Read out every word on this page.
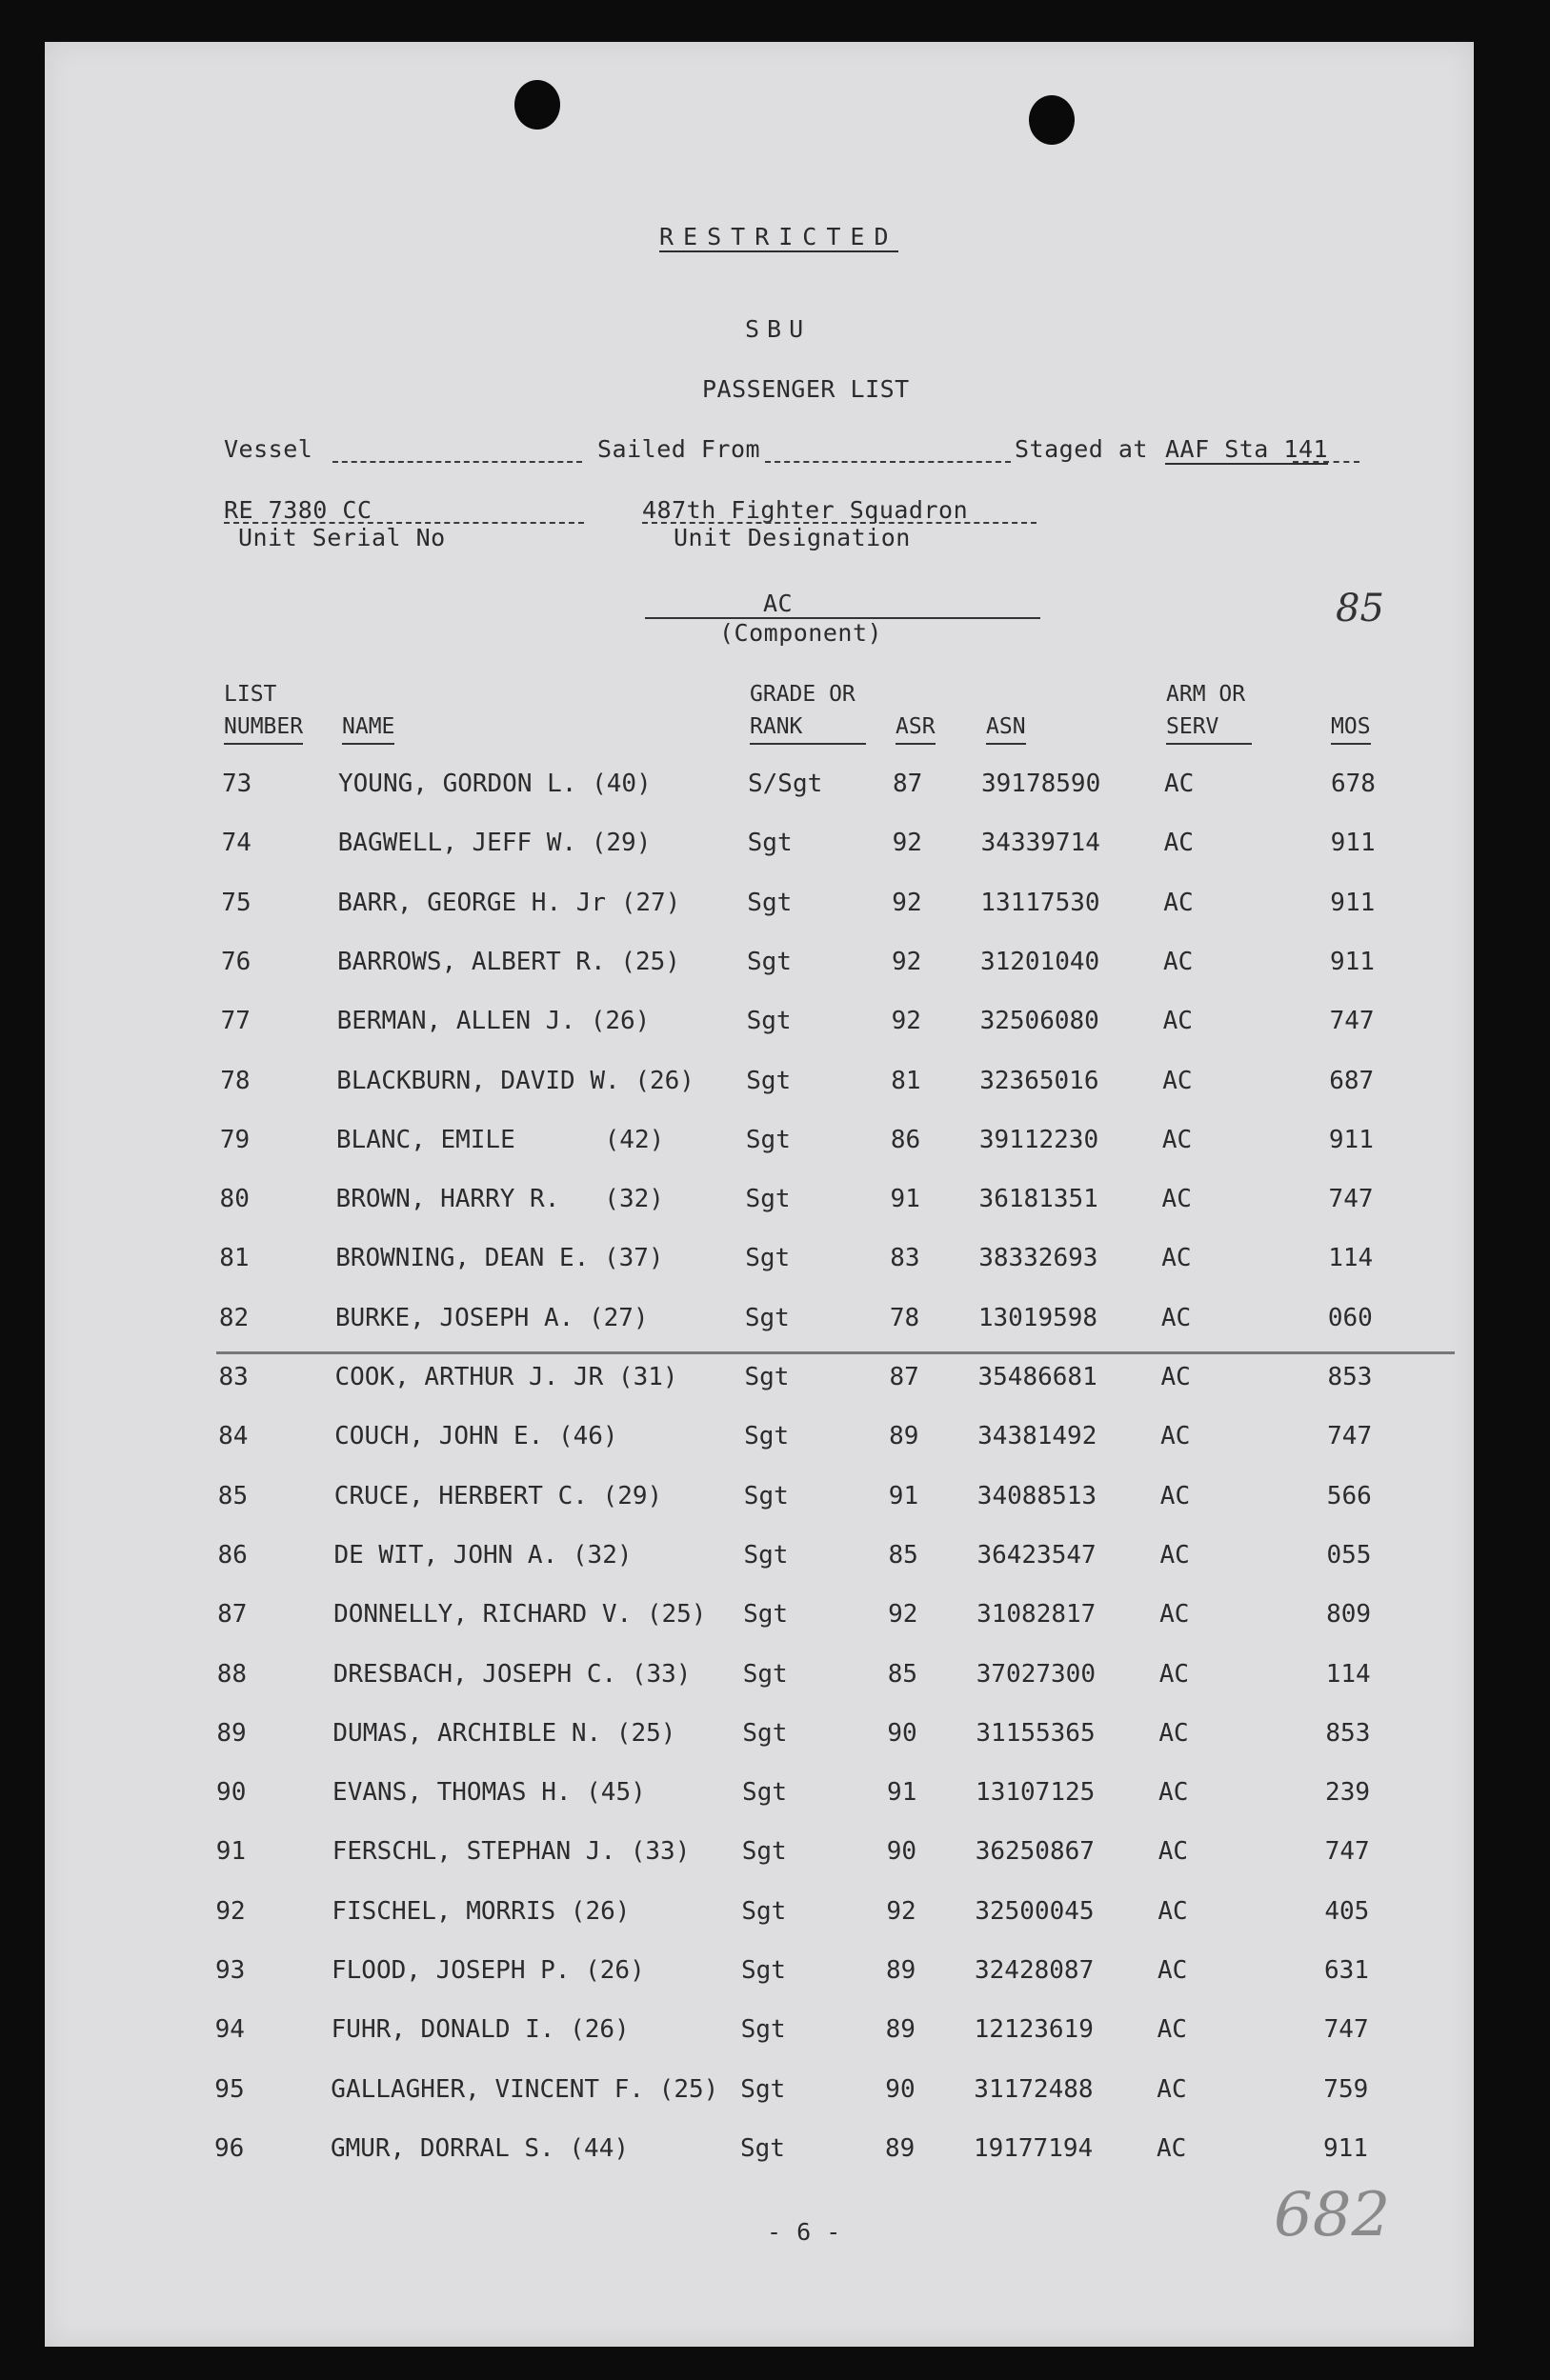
RESTRICTED
SBU
PASSENGER LIST
Vessel	Sailed From	Staged at AAF Sta 141
RE 7380 CC
Unit Serial No
487th Fighter Squadron
Unit Designation
AC
(Component)
85
LIST
NUMBER NAME
GRADE OR
RANK	ASR ASN
ARM OR
SERV	MOS
73	YOUNG, GORDON L. (40)	S/Sgt	87 39178590	AC	678
74	BAGWELL, JEFF W. (29)	Sgt	92 34339714	AC	911
75	BARR, GEORGE H. Jr (27)	Sgt	92 13117530	AC	911
76	BARROWS, ALBERT R. (25)	Sgt	92 31201040	AC	911
77	BERMAN, ALLEN J. (26)	Sgt	92 32506080	AC	747
78	BLACKBURN, DAVID W. (26) Sgt	81 32365016	AC	687
79	BLANC, EMILE      (42)	Sgt	86 39112230	AC	911
80	BROWN, HARRY R.   (32)	Sgt	91 36181351	AC	747
81	BROWNING, DEAN E. (37)	Sgt	83 38332693	AC	114
82	BURKE, JOSEPH A. (27)	Sgt	78 13019598	AC	060
83	COOK, ARTHUR J. JR (31)	Sgt	87 35486681	AC	853
84	COUCH, JOHN E. (46)	Sgt	89 34381492	AC	747
85	CRUCE, HERBERT C. (29)	Sgt	91 34088513	AC	566
86	DE WIT, JOHN A. (32)	Sgt	85 36423547	AC	055
87	DONNELLY, RICHARD V. (25) Sgt	92 31082817	AC	809
88	DRESBACH, JOSEPH C. (33) Sgt	85 37027300	AC	114
89	DUMAS, ARCHIBLE N. (25)	Sgt	90 31155365	AC	853
90	EVANS, THOMAS H. (45)	Sgt	91 13107125	AC	239
91	FERSCHL, STEPHAN J. (33) Sgt	90 36250867	AC	747
92	FISCHEL, MORRIS (26)	Sgt	92 32500045	AC	405
93	FLOOD, JOSEPH P. (26)	Sgt	89 32428087	AC	631
94	FUHR, DONALD I. (26)	Sgt	89 12123619	AC	747
95	GALLAGHER, VINCENT F. (25) Sgt	90 31172488	AC	759
96	GMUR, DORRAL S. (44)	Sgt	89 19177194	AC	911
- 6 -	682
